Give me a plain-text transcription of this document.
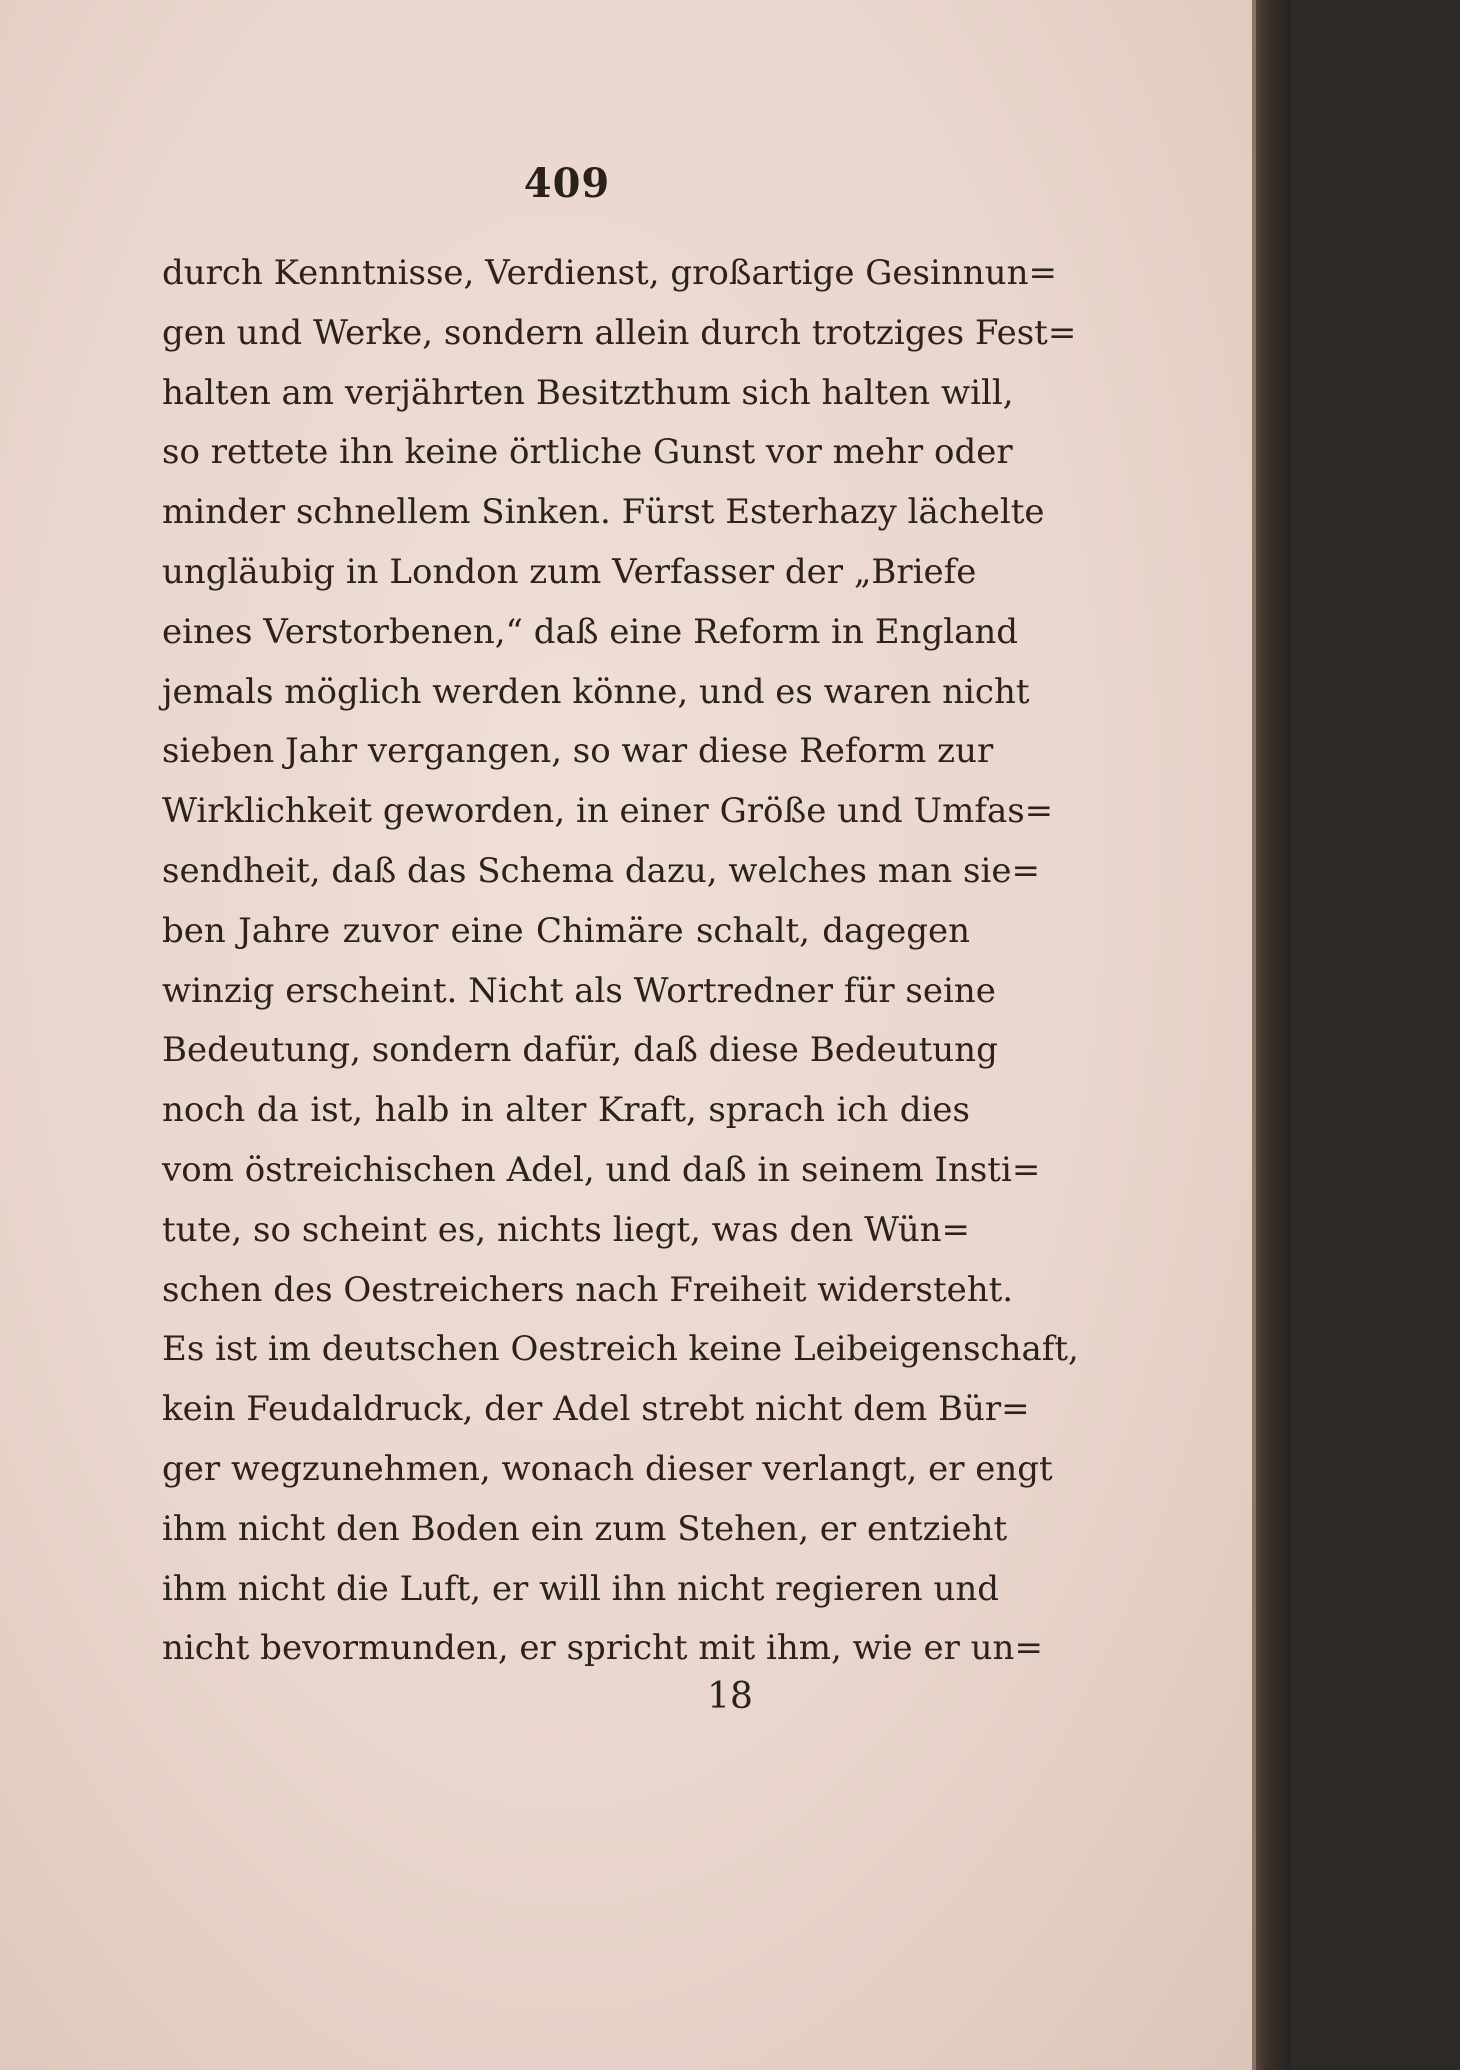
409
durch Kenntnisse, Verdienst, großartige Gesinnun=
gen und Werke, sondern allein durch trotziges Fest=
halten am verjährten Besitzthum sich halten will,
so rettete ihn keine örtliche Gunst vor mehr oder
minder schnellem Sinken. Fürst Esterhazy lächelte
ungläubig in London zum Verfasser der „Briefe
eines Verstorbenen,“ daß eine Reform in England
jemals möglich werden könne, und es waren nicht
sieben Jahr vergangen, so war diese Reform zur
Wirklichkeit geworden, in einer Größe und Umfas=
sendheit, daß das Schema dazu, welches man sie=
ben Jahre zuvor eine Chimäre schalt, dagegen
winzig erscheint. Nicht als Wortredner für seine
Bedeutung, sondern dafür, daß diese Bedeutung
noch da ist, halb in alter Kraft, sprach ich dies
vom östreichischen Adel, und daß in seinem Insti=
tute, so scheint es, nichts liegt, was den Wün=
schen des Oestreichers nach Freiheit widersteht.
Es ist im deutschen Oestreich keine Leibeigenschaft,
kein Feudaldruck, der Adel strebt nicht dem Bür=
ger wegzunehmen, wonach dieser verlangt, er engt
ihm nicht den Boden ein zum Stehen, er entzieht
ihm nicht die Luft, er will ihn nicht regieren und
nicht bevormunden, er spricht mit ihm, wie er un=
18
